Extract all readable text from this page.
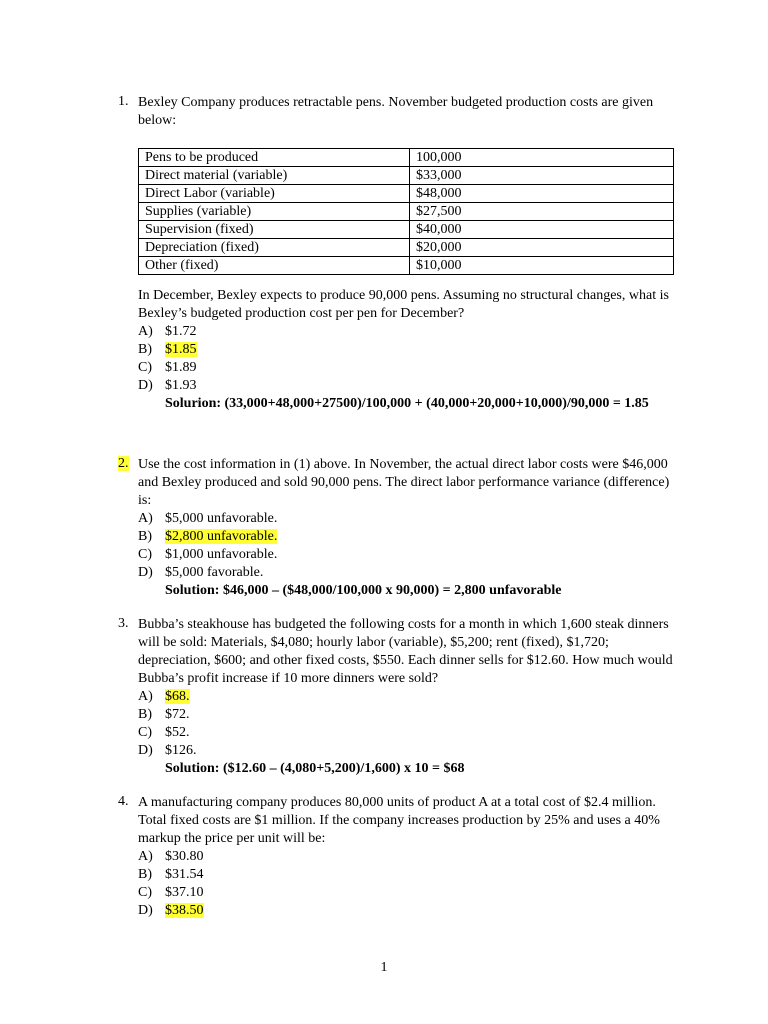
1. Bexley Company produces retractable pens. November budgeted production costs are given below:
Pens to be produced	100,000
Direct material (variable)	$33,000
Direct Labor (variable)	$48,000
Supplies (variable)	$27,500
Supervision (fixed)	$40,000
Depreciation (fixed)	$20,000
Other (fixed)	$10,000
In December, Bexley expects to produce 90,000 pens. Assuming no structural changes, what is Bexley’s budgeted production cost per pen for December?
A) $1.72
B) $1.85
C) $1.89
D) $1.93
Solurion: (33,000+48,000+27500)/100,000 + (40,000+20,000+10,000)/90,000 = 1.85
2. Use the cost information in (1) above. In November, the actual direct labor costs were $46,000 and Bexley produced and sold 90,000 pens. The direct labor performance variance (difference) is:
A) $5,000 unfavorable.
B) $2,800 unfavorable.
C) $1,000 unfavorable.
D) $5,000 favorable.
Solution: $46,000 – ($48,000/100,000 x 90,000) = 2,800 unfavorable
3. Bubba’s steakhouse has budgeted the following costs for a month in which 1,600 steak dinners will be sold: Materials, $4,080; hourly labor (variable), $5,200; rent (fixed), $1,720; depreciation, $600; and other fixed costs, $550. Each dinner sells for $12.60. How much would Bubba’s profit increase if 10 more dinners were sold?
A) $68.
B) $72.
C) $52.
D) $126.
Solution: ($12.60 – (4,080+5,200)/1,600) x 10 = $68
4. A manufacturing company produces 80,000 units of product A at a total cost of $2.4 million. Total fixed costs are $1 million. If the company increases production by 25% and uses a 40% markup the price per unit will be:
A) $30.80
B) $31.54
C) $37.10
D) $38.50
1
